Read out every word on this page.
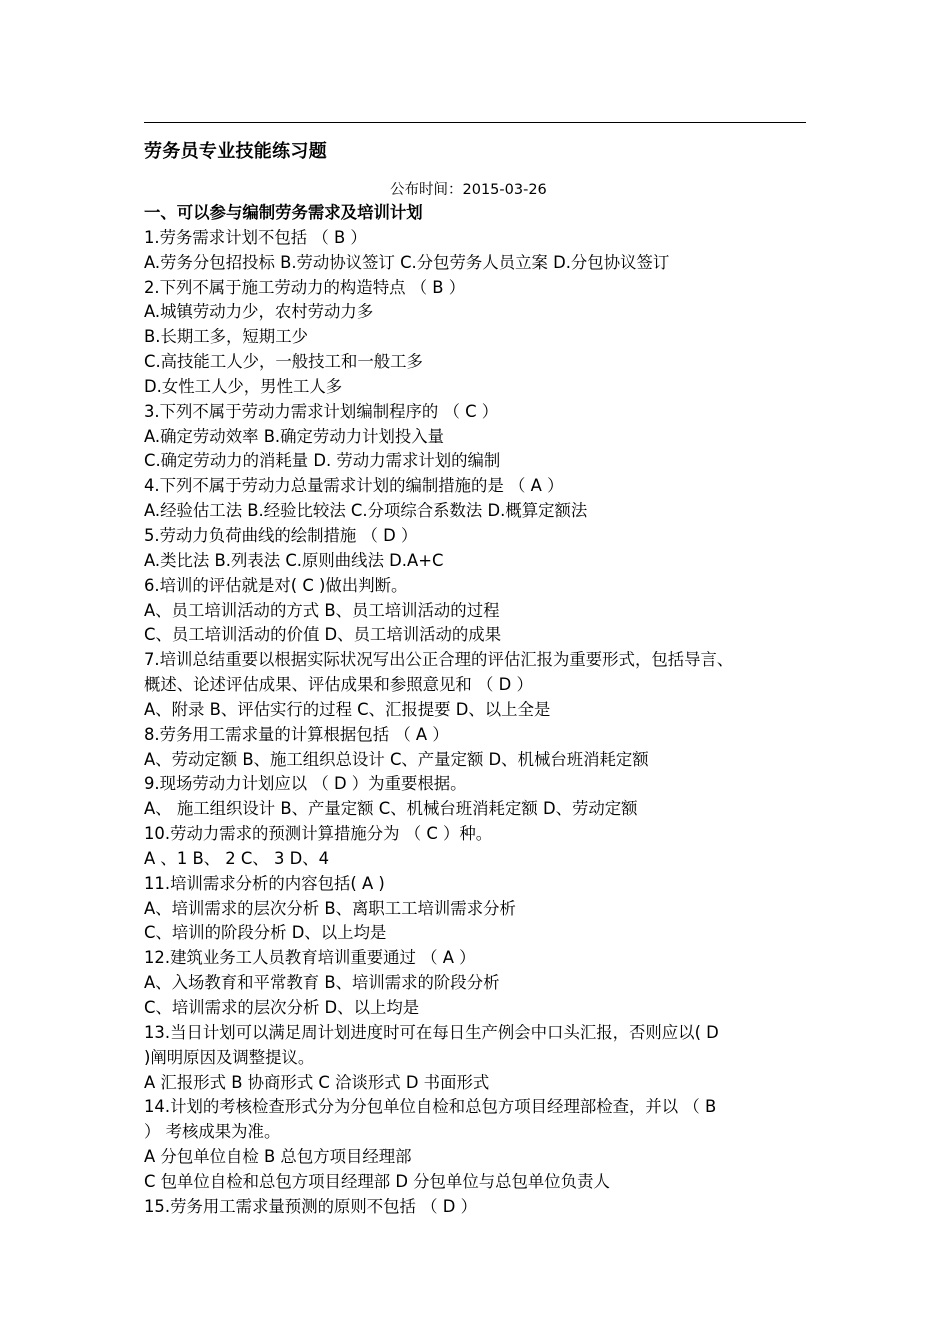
劳务员专业技能练习题
公布时间：2015-03-26
一、可以参与编制劳务需求及培训计划
1.劳务需求计划不包括 （ B ）
A.劳务分包招投标 B.劳动协议签订 C.分包劳务人员立案 D.分包协议签订
2.下列不属于施工劳动力的构造特点 （ B ）
A.城镇劳动力少，农村劳动力多
B.长期工多，短期工少
C.高技能工人少，一般技工和一般工多
D.女性工人少，男性工人多
3.下列不属于劳动力需求计划编制程序的 （ C ）
A.确定劳动效率 B.确定劳动力计划投入量
C.确定劳动力的消耗量 D. 劳动力需求计划的编制
4.下列不属于劳动力总量需求计划的编制措施的是 （ A ）
A.经验估工法 B.经验比较法 C.分项综合系数法 D.概算定额法
5.劳动力负荷曲线的绘制措施 （ D ）
A.类比法 B.列表法 C.原则曲线法 D.A+C
6.培训的评估就是对( C )做出判断。
A、员工培训活动的方式 B、员工培训活动的过程
C、员工培训活动的价值 D、员工培训活动的成果
7.培训总结重要以根据实际状况写出公正合理的评估汇报为重要形式，包括导言、
概述、论述评估成果、评估成果和参照意见和 （ D ）
A、附录 B、评估实行的过程 C、汇报提要 D、以上全是
8.劳务用工需求量的计算根据包括 （ A ）
A、劳动定额 B、施工组织总设计 C、产量定额 D、机械台班消耗定额
9.现场劳动力计划应以 （ D ）为重要根据。
A、 施工组织设计 B、产量定额 C、机械台班消耗定额 D、劳动定额
10.劳动力需求的预测计算措施分为 （ C ）种。
A 、1 B、 2 C、 3 D、4
11.培训需求分析的内容包括( A )
A、培训需求的层次分析 B、离职工工培训需求分析
C、培训的阶段分析 D、以上均是
12.建筑业务工人员教育培训重要通过 （ A ）
A、入场教育和平常教育 B、培训需求的阶段分析
C、培训需求的层次分析 D、以上均是
13.当日计划可以满足周计划进度时可在每日生产例会中口头汇报，否则应以( D
)阐明原因及调整提议。
A 汇报形式 B 协商形式 C 洽谈形式 D 书面形式
14.计划的考核检查形式分为分包单位自检和总包方项目经理部检查，并以 （ B
） 考核成果为准。
A 分包单位自检 B 总包方项目经理部
C 包单位自检和总包方项目经理部 D 分包单位与总包单位负责人
15.劳务用工需求量预测的原则不包括 （ D ）
